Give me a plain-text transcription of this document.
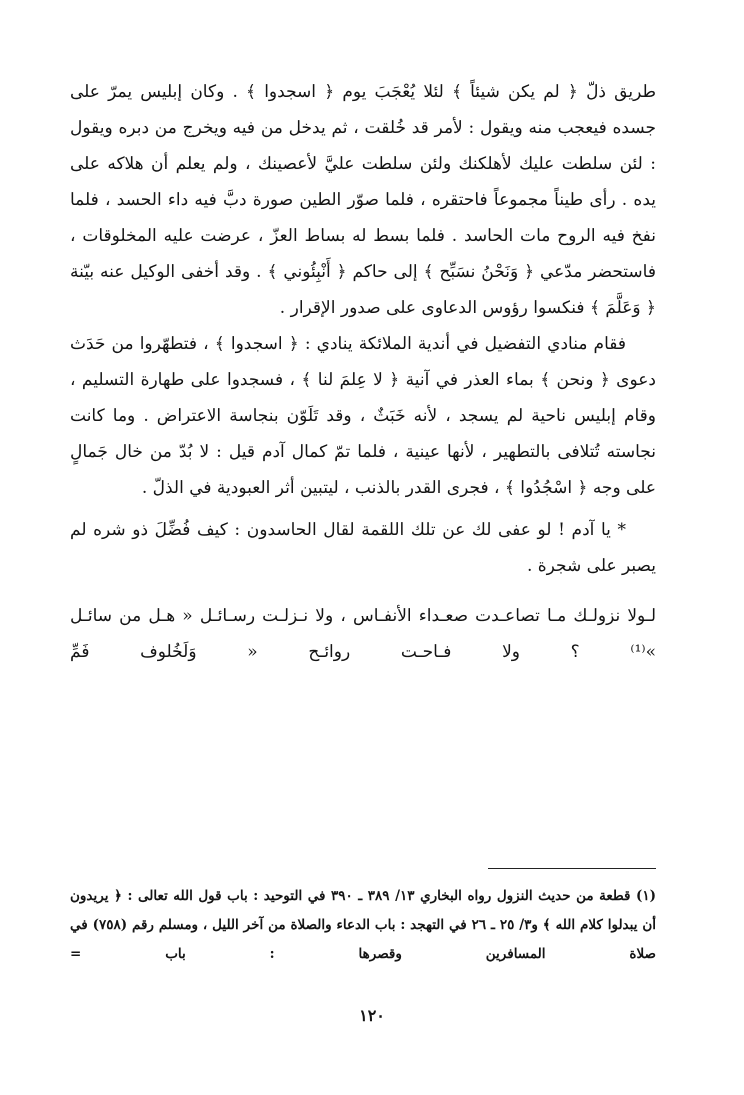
طريق ذلّ ﴿ لم يكن شيئاً ﴾ لئلا يُعْجَبَ يوم ﴿ اسجدوا ﴾ . وكان إبليس يمرّ على جسده فيعجب منه ويقول : لأمر قد خُلقت ، ثم يدخل من فيه ويخرج من دبره ويقول : لئن سلطت عليك لأهلكنك ولئن سلطت عليَّ لأعصينك ، ولم يعلم أن هلاكه على يده . رأى طيناً مجموعاً فاحتقره ، فلما صوّر الطين صورة دبَّ فيه داء الحسد ، فلما نفخ فيه الروح مات الحاسد . فلما بسط له بساط العزّ ، عرضت عليه المخلوقات ، فاستحضر مدّعي ﴿ وَنَحْنُ نسَبِّح ﴾ إلى حاكم ﴿ أَنْبِئُوني ﴾ . وقد أخفى الوكيل عنه بيّنة ﴿ وَعَلَّمَ ﴾ فنكسوا رؤوس الدعاوى على صدور الإقرار .

فقام منادي التفضيل في أندية الملائكة ينادي : ﴿ اسجدوا ﴾ ، فتطهّروا من حَدَث دعوى ﴿ ونحن ﴾ بماء العذر في آنية ﴿ لا عِلمَ لنا ﴾ ، فسجدوا على طهارة التسليم ، وقام إبليس ناحية لم يسجد ، لأنه خَبَثٌ ، وقد تَلَوّن بنجاسة الاعتراض . وما كانت نجاسته تُتلافى بالتطهير ، لأنها عينية ، فلما تمّ كمال آدم قيل : لا بُدّ من خال جَمالٍ على وجه ﴿ اسْجُدُوا ﴾ ، فجرى القدر بالذنب ، ليتبين أثر العبودية في الذلّ .

* يا آدم ! لو عفى لك عن تلك اللقمة لقال الحاسدون : كيف فُضِّلَ ذو شره لم يصبر على شجرة .

لـولا نزولـك مـا تصاعـدت صعـداء الأنفـاس ، ولا نـزلـت رسـائـل « هـل من سائـل »⁽¹⁾ ؟ ولا فـاحـت روائـح « وَلَخُلوف فَمِّ

(١) قطعة من حديث النزول رواه البخاري ١٣/ ٣٨٩ ـ ٣٩٠ في التوحيد : باب قول الله تعالى : ﴿ يريدون أن يبدلوا كلام الله ﴾ و٣/ ٢٥ ـ ٢٦ في التهجد : باب الدعاء والصلاة من آخر الليل ، ومسلم رقم (٧٥٨) في صلاة المسافرين وقصرها : باب =

١٢٠
